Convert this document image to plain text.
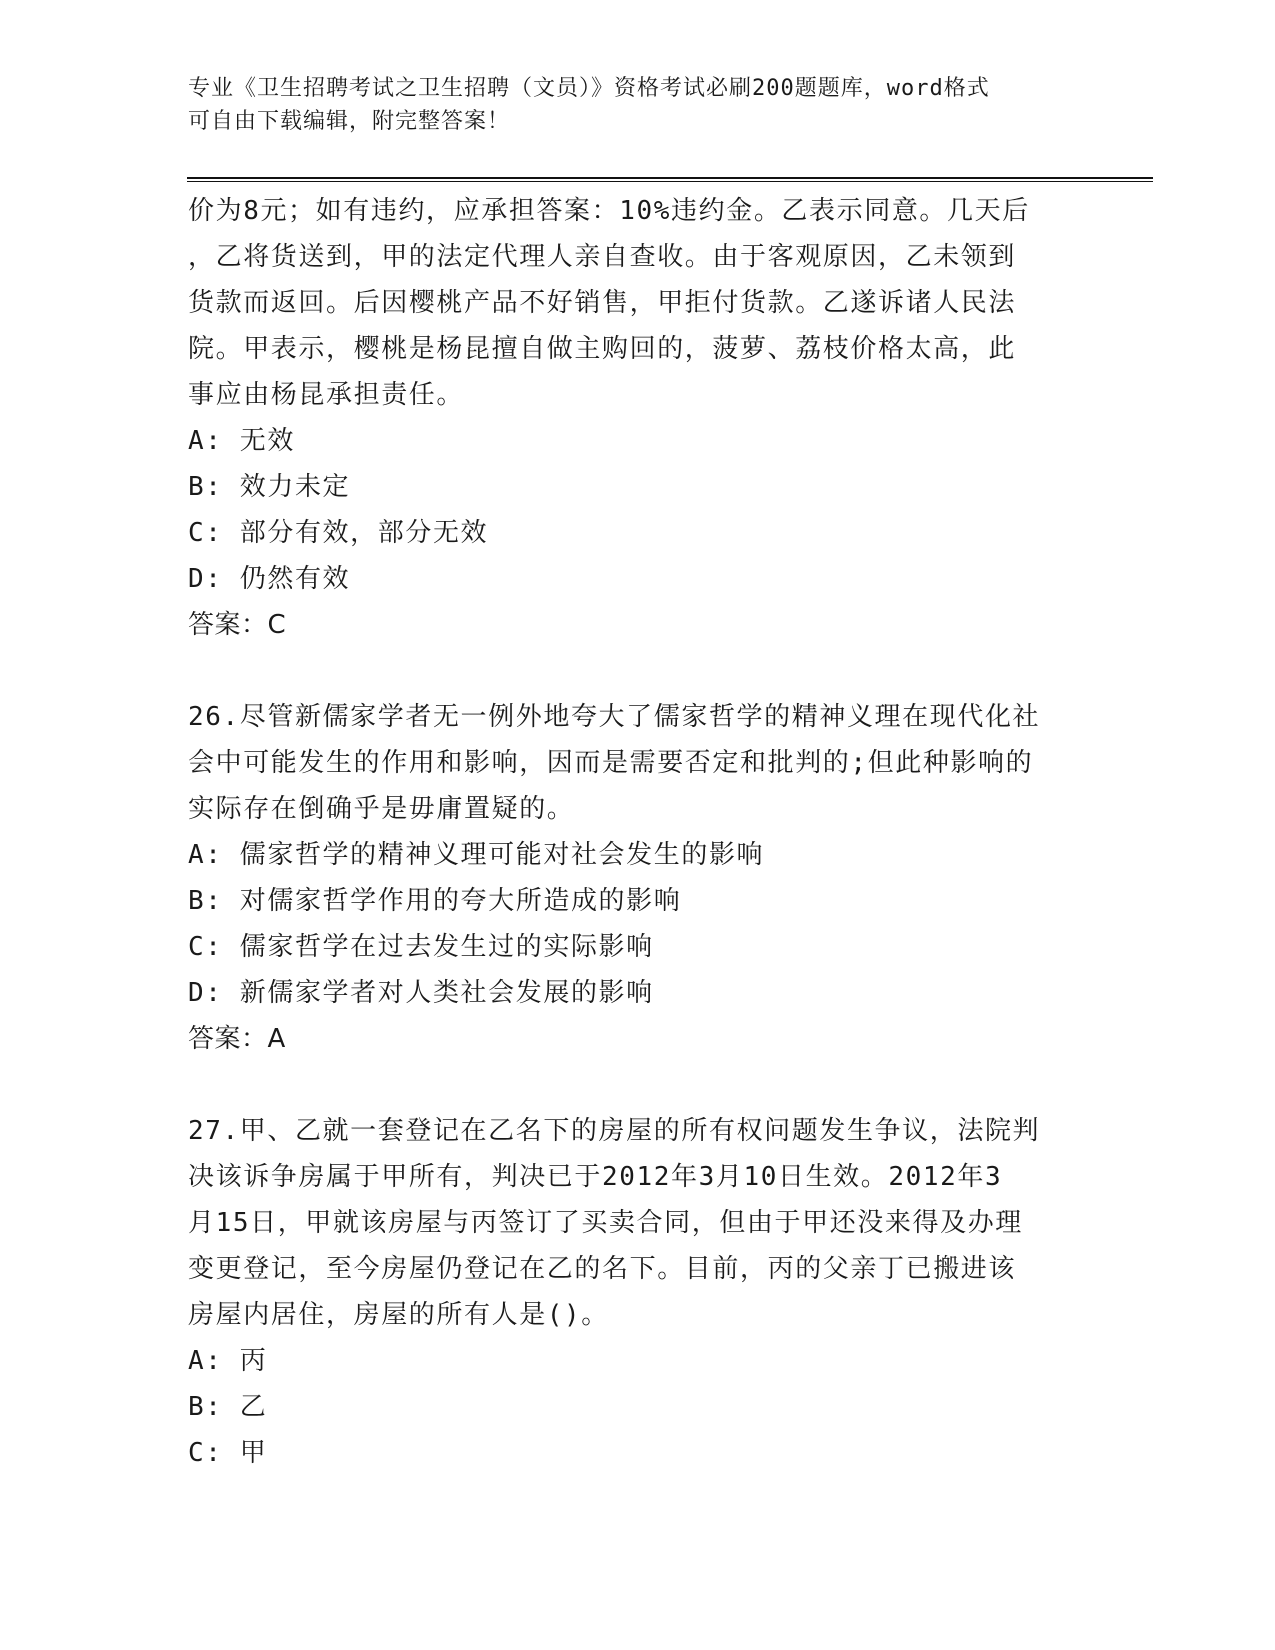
专业《卫生招聘考试之卫生招聘（文员）》资格考试必刷200题题库，word格式
可自由下载编辑，附完整答案！

价为8元；如有违约，应承担答案：10%违约金。乙表示同意。几天后

，乙将货送到，甲的法定代理人亲自查收。由于客观原因，乙未领到

货款而返回。后因樱桃产品不好销售，甲拒付货款。乙遂诉诸人民法

院。甲表示，樱桃是杨昆擅自做主购回的，菠萝、荔枝价格太高，此

事应由杨昆承担责任。

A: 无效

B: 效力未定

C: 部分有效，部分无效

D: 仍然有效

答案：C

26.尽管新儒家学者无一例外地夸大了儒家哲学的精神义理在现代化社

会中可能发生的作用和影响，因而是需要否定和批判的;但此种影响的

实际存在倒确乎是毋庸置疑的。

A: 儒家哲学的精神义理可能对社会发生的影响

B: 对儒家哲学作用的夸大所造成的影响

C: 儒家哲学在过去发生过的实际影响

D: 新儒家学者对人类社会发展的影响

答案：A

27.甲、乙就一套登记在乙名下的房屋的所有权问题发生争议，法院判

决该诉争房属于甲所有，判决已于2012年3月10日生效。2012年3

月15日，甲就该房屋与丙签订了买卖合同，但由于甲还没来得及办理

变更登记，至今房屋仍登记在乙的名下。目前，丙的父亲丁已搬进该

房屋内居住，房屋的所有人是()。

A: 丙

B: 乙

C: 甲
